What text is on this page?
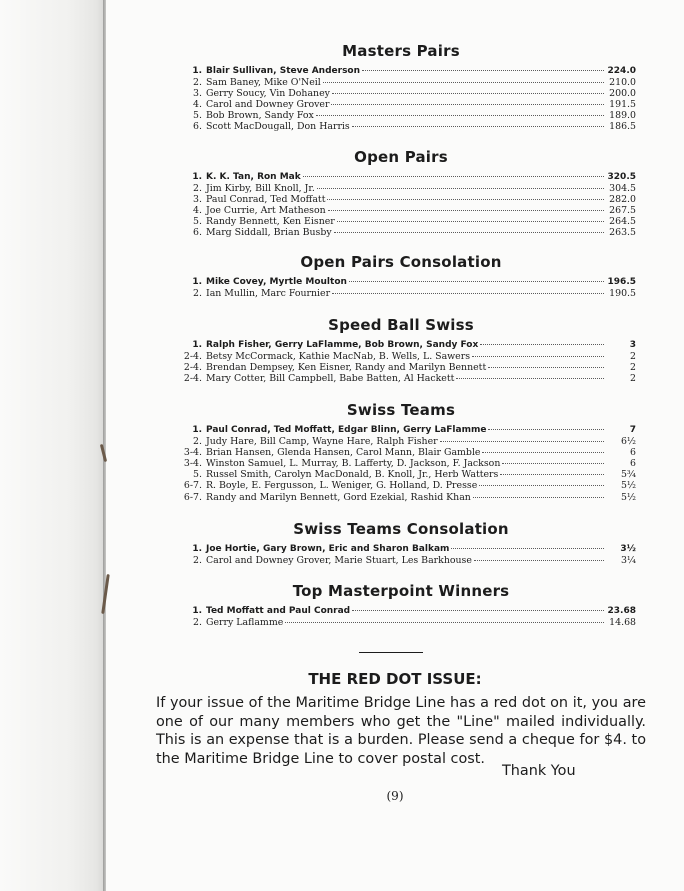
Masters Pairs
1. Blair Sullivan, Steve Anderson	224.0
2. Sam Baney, Mike O'Neil	210.0
3. Gerry Soucy, Vin Dohaney	200.0
4. Carol and Downey Grover	191.5
5. Bob Brown, Sandy Fox	189.0
6. Scott MacDougall, Don Harris	186.5
Open Pairs
1. K. K. Tan, Ron Mak	320.5
2. Jim Kirby, Bill Knoll, Jr.	304.5
3. Paul Conrad, Ted Moffatt	282.0
4. Joe Currie, Art Matheson	267.5
5. Randy Bennett, Ken Eisner	264.5
6. Marg Siddall, Brian Busby	263.5
Open Pairs Consolation
1. Mike Covey, Myrtle Moulton	196.5
2. Ian Mullin, Marc Fournier	190.5
Speed Ball Swiss
1. Ralph Fisher, Gerry LaFlamme, Bob Brown, Sandy Fox	3
2-4. Betsy McCormack, Kathie MacNab, B. Wells, L. Sawers	2
2-4. Brendan Dempsey, Ken Eisner, Randy and Marilyn Bennett	2
2-4. Mary Cotter, Bill Campbell, Babe Batten, Al Hackett	2
Swiss Teams
1. Paul Conrad, Ted Moffatt, Edgar Blinn, Gerry LaFlamme	7
2. Judy Hare, Bill Camp, Wayne Hare, Ralph Fisher	6½
3-4. Brian Hansen, Glenda Hansen, Carol Mann, Blair Gamble	6
3-4. Winston Samuel, L. Murray, B. Lafferty, D. Jackson, F. Jackson	6
5. Russel Smith, Carolyn MacDonald, B. Knoll, Jr., Herb Watters	5¾
6-7. R. Boyle, E. Fergusson, L. Weniger, G. Holland, D. Presse	5½
6-7. Randy and Marilyn Bennett, Gord Ezekial, Rashid Khan	5½
Swiss Teams Consolation
1. Joe Hortie, Gary Brown, Eric and Sharon Balkam	3½
2. Carol and Downey Grover, Marie Stuart, Les Barkhouse	3¼
Top Masterpoint Winners
1. Ted Moffatt and Paul Conrad	23.68
2. Gerry Laflamme	14.68
THE RED DOT ISSUE:
If your issue of the Maritime Bridge Line has a red dot on it, you are one of our many members who get the "Line" mailed individually. This is an expense that is a burden. Please send a cheque for $4. to the Maritime Bridge Line to cover postal cost.
Thank You
(9)
